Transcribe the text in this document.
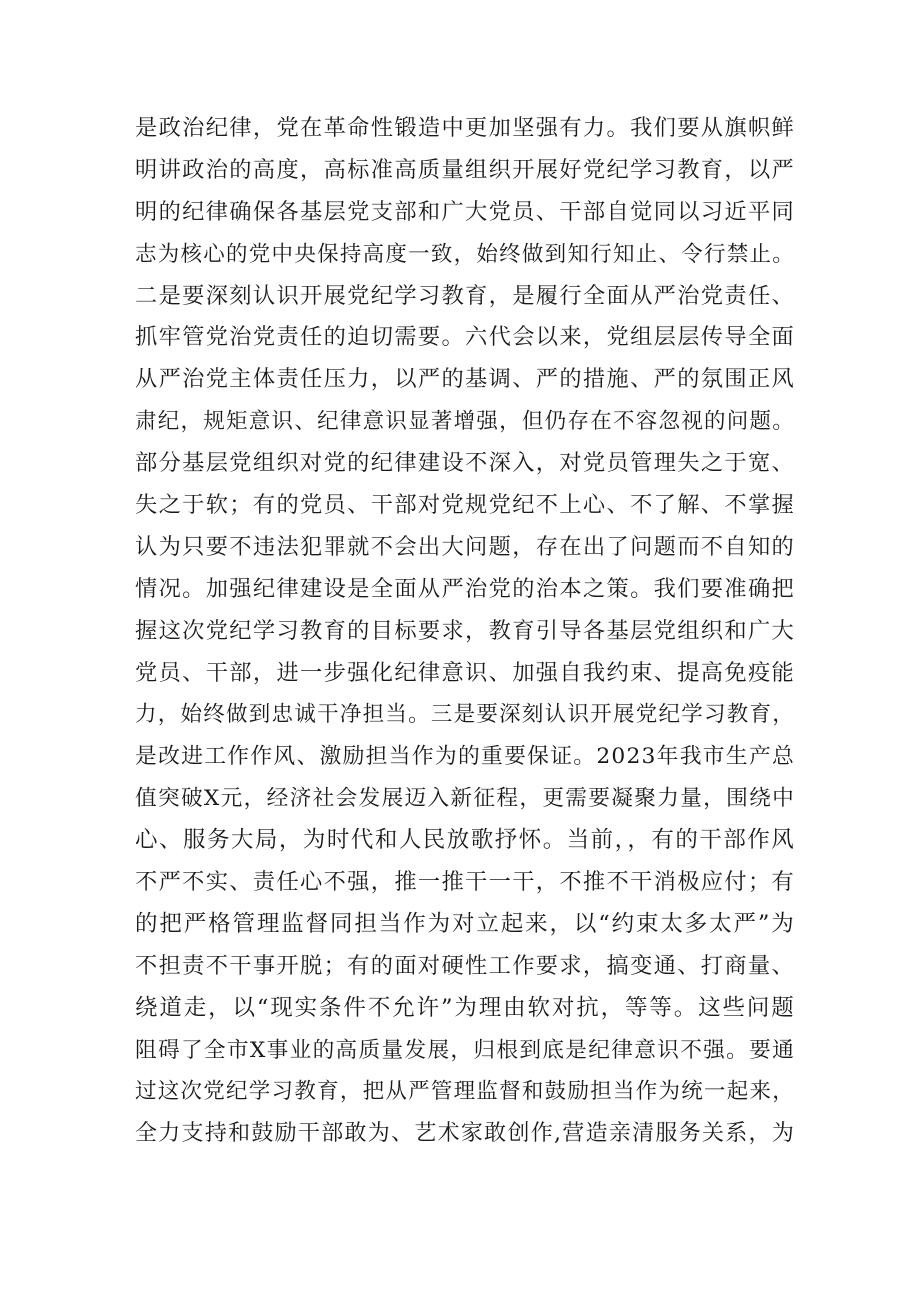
是政治纪律，党在革命性锻造中更加坚强有力。我们要从旗帜鲜
明讲政治的高度，高标准高质量组织开展好党纪学习教育，以严
明的纪律确保各基层党支部和广大党员、干部自觉同以习近平同
志为核心的党中央保持高度一致，始终做到知行知止、令行禁止。
二是要深刻认识开展党纪学习教育，是履行全面从严治党责任、
抓牢管党治党责任的迫切需要。六代会以来，党组层层传导全面
从严治党主体责任压力，以严的基调、严的措施、严的氛围正风
肃纪，规矩意识、纪律意识显著增强，但仍存在不容忽视的问题。
部分基层党组织对党的纪律建设不深入，对党员管理失之于宽、
失之于软；有的党员、干部对党规党纪不上心、不了解、不掌握
认为只要不违法犯罪就不会出大问题，存在出了问题而不自知的
情况。加强纪律建设是全面从严治党的治本之策。我们要准确把
握这次党纪学习教育的目标要求，教育引导各基层党组织和广大
党员、干部，进一步强化纪律意识、加强自我约束、提高免疫能
力，始终做到忠诚干净担当。三是要深刻认识开展党纪学习教育，
是改进工作作风、激励担当作为的重要保证。2023年我市生产总
值突破X元，经济社会发展迈入新征程，更需要凝聚力量，围绕中
心、服务大局，为时代和人民放歌抒怀。当前，，有的干部作风
不严不实、责任心不强，推一推干一干，不推不干消极应付；有
的把严格管理监督同担当作为对立起来，以“约束太多太严”为
不担责不干事开脱；有的面对硬性工作要求，搞变通、打商量、
绕道走，以“现实条件不允许”为理由软对抗，等等。这些问题
阻碍了全市X事业的高质量发展，归根到底是纪律意识不强。要通
过这次党纪学习教育，把从严管理监督和鼓励担当作为统一起来，
全力支持和鼓励干部敢为、艺术家敢创作,营造亲清服务关系，为
